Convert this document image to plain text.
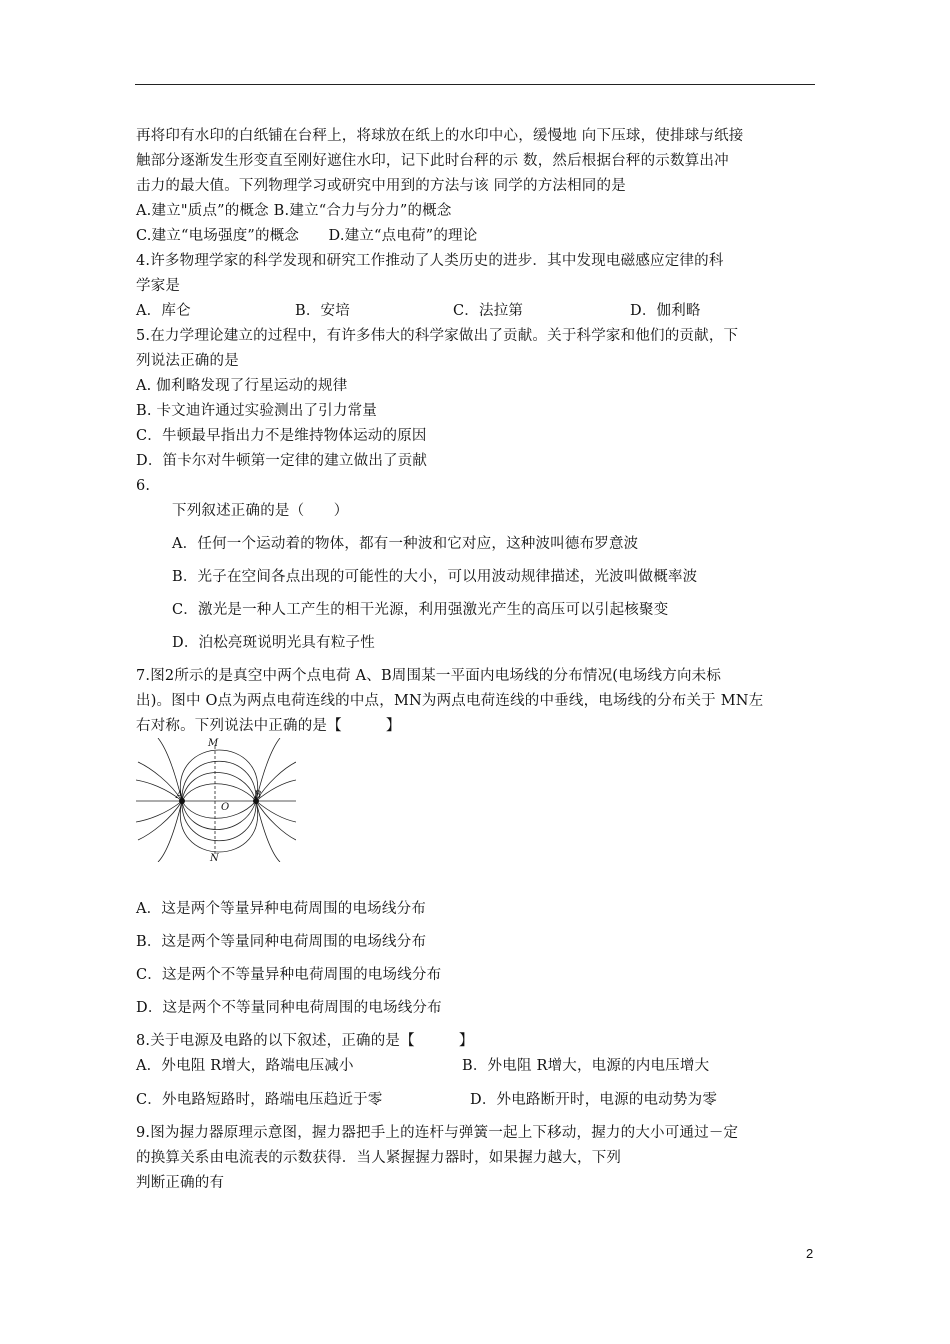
再将印有水印的白纸铺在台秤上，将球放在纸上的水印中心，缓慢地 向下压球，使排球与纸接
触部分逐渐发生形变直至刚好遮住水印，记下此时台秤的示 数，然后根据台秤的示数算出冲
击力的最大值。下列物理学习或研究中用到的方法与该 同学的方法相同的是
A.建立"质点”的概念 B.建立“合力与分力”的概念
C.建立“电场强度”的概念　　D.建立“点电荷”的理论
4.许多物理学家的科学发现和研究工作推动了人类历史的进步．其中发现电磁感应定律的科
学家是
A．库仑	B．安培	C．法拉第	D．伽利略
5.在力学理论建立的过程中，有许多伟大的科学家做出了贡献。关于科学家和他们的贡献，下
列说法正确的是
A. 伽利略发现了行星运动的规律
B. 卡文迪许通过实验测出了引力常量
C．牛顿最早指出力不是维持物体运动的原因
D．笛卡尔对牛顿第一定律的建立做出了贡献
6.
下列叙述正确的是（　　）
A．任何一个运动着的物体，都有一种波和它对应，这种波叫德布罗意波
B．光子在空间各点出现的可能性的大小，可以用波动规律描述，光波叫做概率波
C．激光是一种人工产生的相干光源，利用强激光产生的高压可以引起核聚变
D．泊松亮斑说明光具有粒子性
7.图2所示的是真空中两个点电荷 A、B周围某一平面内电场线的分布情况(电场线方向未标
出)。图中 O点为两点电荷连线的中点，MN为两点电荷连线的中垂线，电场线的分布关于 MN左
右对称。下列说法中正确的是【　　　】
M
N
O
A	B
A．这是两个等量异种电荷周围的电场线分布
B．这是两个等量同种电荷周围的电场线分布
C．这是两个不等量异种电荷周围的电场线分布
D．这是两个不等量同种电荷周围的电场线分布
8.关于电源及电路的以下叙述，正确的是【　　　】
A．外电阻 R增大，路端电压减小	B．外电阻 R增大，电源的内电压增大
C．外电路短路时，路端电压趋近于零	D．外电路断开时，电源的电动势为零
9.图为握力器原理示意图，握力器把手上的连杆与弹簧一起上下移动，握力的大小可通过－定
的换算关系由电流表的示数获得．当人紧握握力器时，如果握力越大，下列
判断正确的有
2
